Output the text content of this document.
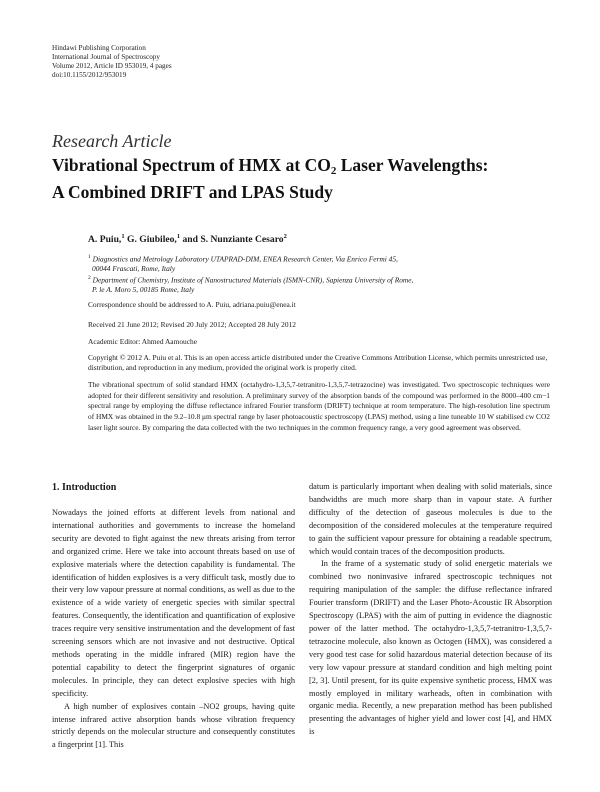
Hindawi Publishing Corporation
International Journal of Spectroscopy
Volume 2012, Article ID 953019, 4 pages
doi:10.1155/2012/953019
Research Article
Vibrational Spectrum of HMX at $CO_2$ Laser Wavelengths:
A Combined DRIFT and LPAS Study
A. Puiu,$^1$ G. Giubileo,$^1$ and S. Nunziante Cesaro$^2$
$^1$ Diagnostics and Metrology Laboratory UTAPRAD-DIM, ENEA Research Center, Via Enrico Fermi 45,
00044 Frascati, Rome, Italy
$^2$ Department of Chemistry, Institute of Nanostructured Materials (ISMN-CNR), Sapienza University of Rome,
P. le A. Moro 5, 00185 Rome, Italy
Correspondence should be addressed to A. Puiu, adriana.puiu@enea.it
Received 21 June 2012; Revised 20 July 2012; Accepted 28 July 2012
Academic Editor: Ahmed Aamouche
Copyright © 2012 A. Puiu et al. This is an open access article distributed under the Creative Commons Attribution License, which permits unrestricted use, distribution, and reproduction in any medium, provided the original work is properly cited.
The vibrational spectrum of solid standard HMX (octahydro-1,3,5,7-tetranitro-1,3,5,7-tetrazocine) was investigated. Two spectroscopic techniques were adopted for their different sensitivity and resolution. A preliminary survey of the absorption bands of the compound was performed in the 8000–400 cm−1 spectral range by employing the diffuse reflectance infrared Fourier transform (DRIFT) technique at room temperature. The high-resolution line spectrum of HMX was obtained in the 9.2–10.8 μm spectral range by laser photoacoustic spectroscopy (LPAS) method, using a line tuneable 10 W stabilised cw CO2 laser light source. By comparing the data collected with the two techniques in the common frequency range, a very good agreement was observed.
1. Introduction

Nowadays the joined efforts at different levels from national and international authorities and governments to increase the homeland security are devoted to fight against the new threats arising from terror and organized crime. Here we take into account threats based on use of explosive materials where the detection capability is fundamental. The identification of hidden explosives is a very difficult task, mostly due to their very low vapour pressure at normal conditions, as well as due to the existence of a wide variety of energetic species with similar spectral features. Consequently, the identification and quantification of explosive traces require very sensitive instrumentation and the development of fast screening sensors which are not invasive and not destructive. Optical methods operating in the middle infrared (MIR) region have the potential capability to detect the fingerprint signatures of organic molecules. In principle, they can detect explosive species with high specificity.

A high number of explosives contain –NO2 groups, having quite intense infrared active absorption bands whose vibration frequency strictly depends on the molecular structure and consequently constitutes a fingerprint [1]. This

datum is particularly important when dealing with solid materials, since bandwidths are much more sharp than in vapour state. A further difficulty of the detection of gaseous molecules is due to the decomposition of the considered molecules at the temperature required to gain the sufficient vapour pressure for obtaining a readable spectrum, which would contain traces of the decomposition products.

In the frame of a systematic study of solid energetic materials we combined two noninvasive infrared spectroscopic techniques not requiring manipulation of the sample: the diffuse reflectance infrared Fourier transform (DRIFT) and the Laser Photo-Acoustic IR Absorption Spectroscopy (LPAS) with the aim of putting in evidence the diagnostic power of the latter method. The octahydro-1,3,5,7-tetranitro-1,3,5,7-tetrazocine molecule, also known as Octogen (HMX), was considered a very good test case for solid hazardous material detection because of its very low vapour pressure at standard condition and high melting point [2, 3]. Until present, for its quite expensive synthetic process, HMX was mostly employed in military warheads, often in combination with organic media. Recently, a new preparation method has been published presenting the advantages of higher yield and lower cost [4], and HMX is
